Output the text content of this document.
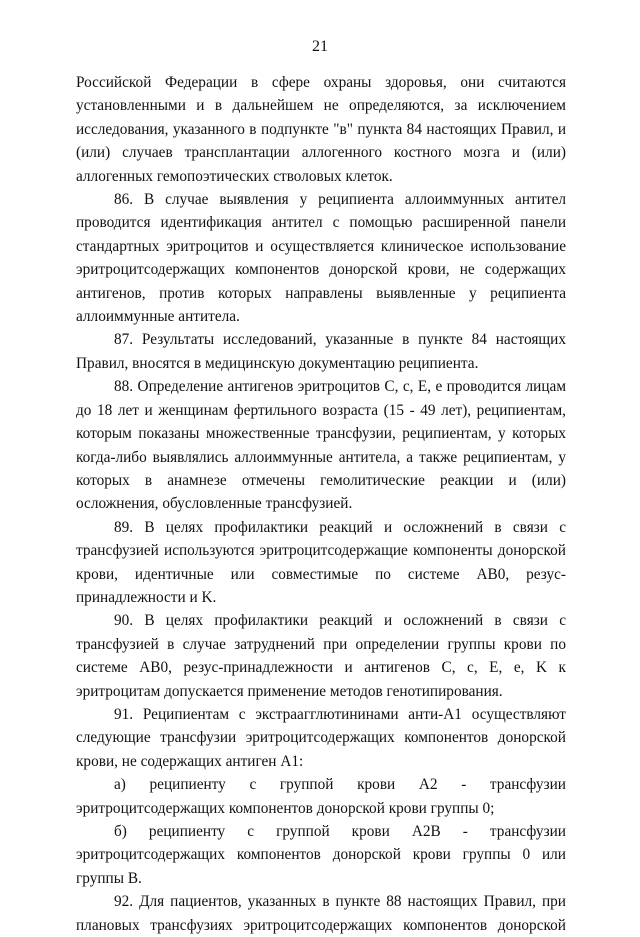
21

Российской Федерации в сфере охраны здоровья, они считаются установленными и в дальнейшем не определяются, за исключением исследования, указанного в подпункте "в" пункта 84 настоящих Правил, и (или) случаев трансплантации аллогенного костного мозга и (или) аллогенных гемопоэтических стволовых клеток.

86. В случае выявления у реципиента аллоиммунных антител проводится идентификация антител с помощью расширенной панели стандартных эритроцитов и осуществляется клиническое использование эритроцитсодержащих компонентов донорской крови, не содержащих антигенов, против которых направлены выявленные у реципиента аллоиммунные антитела.

87. Результаты исследований, указанные в пункте 84 настоящих Правил, вносятся в медицинскую документацию реципиента.

88. Определение антигенов эритроцитов C, c, E, e проводится лицам до 18 лет и женщинам фертильного возраста (15 - 49 лет), реципиентам, которым показаны множественные трансфузии, реципиентам, у которых когда-либо выявлялись аллоиммунные антитела, а также реципиентам, у которых в анамнезе отмечены гемолитические реакции и (или) осложнения, обусловленные трансфузией.

89. В целях профилактики реакций и осложнений в связи с трансфузией используются эритроцитсодержащие компоненты донорской крови, идентичные или совместимые по системе AB0, резус-принадлежности и K.

90. В целях профилактики реакций и осложнений в связи с трансфузией в случае затруднений при определении группы крови по системе AB0, резус-принадлежности и антигенов C, c, E, e, K к эритроцитам допускается применение методов генотипирования.

91. Реципиентам с экстраагглютининами анти-A1 осуществляют следующие трансфузии эритроцитсодержащих компонентов донорской крови, не содержащих антиген A1:

а) реципиенту с группой крови A2 - трансфузии эритроцитсодержащих компонентов донорской крови группы 0;

б) реципиенту с группой крови A2B - трансфузии эритроцитсодержащих компонентов донорской крови группы 0 или группы B.

92. Для пациентов, указанных в пункте 88 настоящих Правил, при плановых трансфузиях эритроцитсодержащих компонентов донорской
